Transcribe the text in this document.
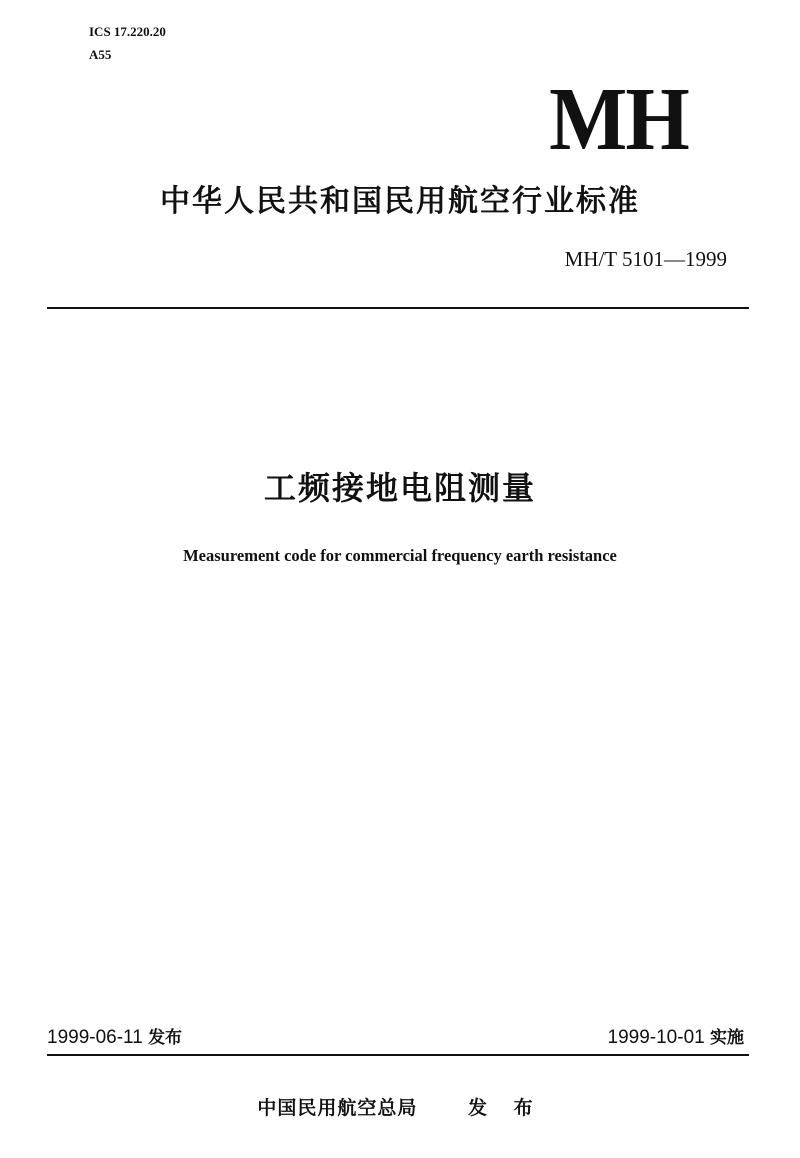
ICS 17.220.20
A55
MH
中华人民共和国民用航空行业标准
MH/T 5101—1999
工频接地电阻测量
Measurement code for commercial frequency earth resistance
1999-06-11 发布	1999-10-01 实施
中国民用航空总局	发 布
